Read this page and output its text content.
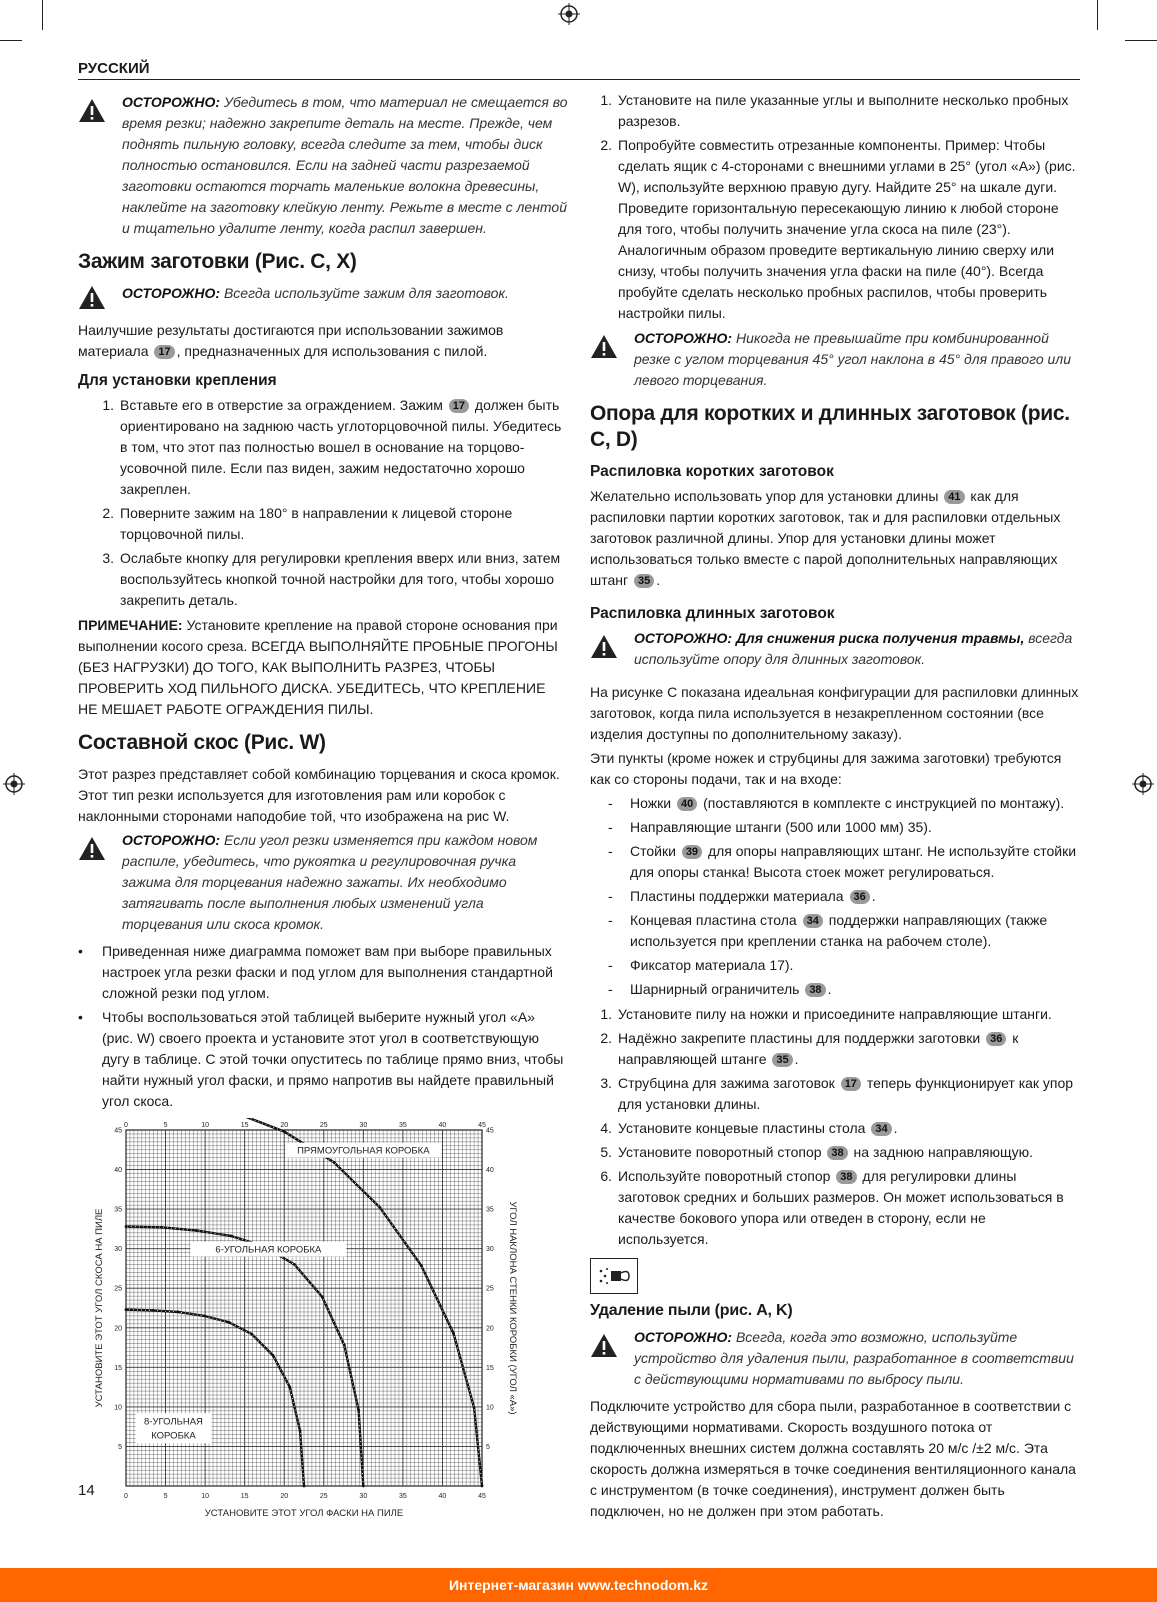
РУССКИЙ
ОСТОРОЖНО: Убедитесь в том, что материал не смещается во время резки; надежно закрепите деталь на месте. Прежде, чем поднять пильную головку, всегда следите за тем, чтобы диск полностью остановился. Если на задней части разрезаемой заготовки остаются торчать маленькие волокна древесины, наклейте на заготовку клейкую ленту. Режьте в месте с лентой и тщательно удалите ленту, когда распил завершен.
Зажим заготовки (Рис. C, X)
ОСТОРОЖНО: Всегда используйте зажим для заготовок.

Наилучшие результаты достигаются при использовании зажимов материала 17 , предназначенных для использования с пилой.

Для установки крепления
1. Вставьте его в отверстие за ограждением. Зажим 17 должен быть ориентировано на заднюю часть углоторцовочной пилы. Убедитесь в том, что этот паз полностью вошел в основание на торцово-усовочной пиле. Если паз виден, зажим недостаточно хорошо закреплен.
2. Поверните зажим на 180° в направлении к лицевой стороне торцовочной пилы.
3. Ослабьте кнопку для регулировки крепления вверх или вниз, затем воспользуйтесь кнопкой точной настройки для того, чтобы хорошо закрепить деталь.

ПРИМЕЧАНИЕ: Установите крепление на правой стороне основания при выполнении косого среза. ВСЕГДА ВЫПОЛНЯЙТЕ ПРОБНЫЕ ПРОГОНЫ (БЕЗ НАГРУЗКИ) ДО ТОГО, КАК ВЫПОЛНИТЬ РАЗРЕЗ, ЧТОБЫ ПРОВЕРИТЬ ХОД ПИЛЬНОГО ДИСКА. УБЕДИТЕСЬ, ЧТО КРЕПЛЕНИЕ НЕ МЕШАЕТ РАБОТЕ ОГРАЖДЕНИЯ ПИЛЫ.

Составной скос (Рис. W)

Этот разрез представляет собой комбинацию торцевания и скоса кромок. Этот тип резки используется для изготовления рам или коробок с наклонными сторонами наподобие той, что изображена на рис W.

ОСТОРОЖНО: Если угол резки изменяется при каждом новом распиле, убедитесь, что рукоятка и регулировочная ручка зажима для торцевания надежно зажаты. Их необходимо затягивать после выполнения любых изменений угла торцевания или скоса кромок.
•	Приведенная ниже диаграмма поможет вам при выборе правильных настроек угла резки фаски и под углом для выполнения стандартной сложной резки под углом.
•	Чтобы воспользоваться этой таблицей выберите нужный угол «A» (рис. W) своего проекта и установите этот угол в соответствующую дугу в таблице. С этой точки опуститесь по таблице прямо вниз, чтобы найти нужный угол фаски, и прямо напротив вы найдете правильный угол скоса.
0
0
5
5
10
10
15
15
20
20
25
25
30
30
35
35
40
40
45
45
5	5
10	10
15	15
20	20
25	25
30	30
35	35
40	40
45	45
ПРЯМОУГОЛЬНАЯ КОРОБКА
6-УГОЛЬНАЯ КОРОБКА
8-УГОЛЬНАЯ
КОРОБКА
УСТАНОВИТЕ ЭТОТ УГОЛ ФАСКИ НА ПИЛЕ
УСТАНОВИТЕ ЭТОТ УГОЛ СКОСА НА ПИЛЕ	УГОЛ НАКЛОНА СТЕНКИ КОРОБКИ (УГОЛ «A»)
1. Установите на пиле указанные углы и выполните несколько пробных разрезов.
2. Попробуйте совместить отрезанные компоненты. Пример: Чтобы сделать ящик с 4-сторонами с внешними углами в 25° (угол «A») (рис. W), используйте верхнюю правую дугу. Найдите 25° на шкале дуги. Проведите горизонтальную пересекающую линию к любой стороне для того, чтобы получить значение угла скоса на пиле (23°). Аналогичным образом проведите вертикальную линию сверху или снизу, чтобы получить значения угла фаски на пиле (40°). Всегда пробуйте сделать несколько пробных распилов, чтобы проверить настройки пилы.
ОСТОРОЖНО: Никогда не превышайте при комбинированной резке с углом торцевания 45° угол наклона в 45° для правого или левого торцевания.
Опора для коротких и длинных заготовок (рис. C, D)
Распиловка коротких заготовок

Желательно использовать упор для установки длины 41 как для распиловки партии коротких заготовок, так и для распиловки отдельных заготовок различной длины. Упор для установки длины может использоваться только вместе с парой дополнительных направляющих штанг 35 .

Распиловка длинных заготовок
ОСТОРОЖНО: Для снижения риска получения травмы, всегда используйте опору для длинных заготовок.

На рисунке С показана идеальная конфигурации для распиловки длинных заготовок, когда пила используется в незакрепленном состоянии (все изделия доступны по дополнительному заказу).

Эти пункты (кроме ножек и струбцины для зажима заготовки) требуются как со стороны подачи, так и на входе:

-	Ножки 40 (поставляются в комплекте с инструкцией по монтажу).
-	Направляющие штанги (500 или 1000 мм) 35).
-	Стойки 39 для опоры направляющих штанг. Не используйте стойки для опоры станка! Высота стоек может регулироваться.
-	Пластины поддержки материала 36 .
-	Концевая пластина стола 34 поддержки направляющих (также используется при креплении станка на рабочем столе).
-	Фиксатор материала 17).
-	Шарнирный ограничитель 38 .
1. Установите пилу на ножки и присоедините направляющие штанги.
2. Надёжно закрепите пластины для поддержки заготовки 36 к направляющей штанге 35 .
3. Струбцина для зажима заготовок 17 теперь функционирует как упор для установки длины.
4. Установите концевые пластины стола 34 .
5. Установите поворотный стопор 38 на заднюю направляющую.
6. Используйте поворотный стопор 38 для регулировки длины заготовок средних и больших размеров. Он может использоваться в качестве бокового упора или отведен в сторону, если не используется.
Удаление пыли (рис. A, K)
ОСТОРОЖНО: Всегда, когда это возможно, используйте устройство для удаления пыли, разработанное в соответствии с действующими нормативами по выбросу пыли.

Подключите устройство для сбора пыли, разработанное в соответствии с действующими нормативами. Скорость воздушного потока от подключенных внешних систем должна составлять 20 м/с /±2 м/с. Эта скорость должна измеряться в точке соединения вентиляционного канала с инструментом (в точке соединения), инструмент должен быть подключен, но не должен при этом работать.

14
Интернет-магазин www.technodom.kz
